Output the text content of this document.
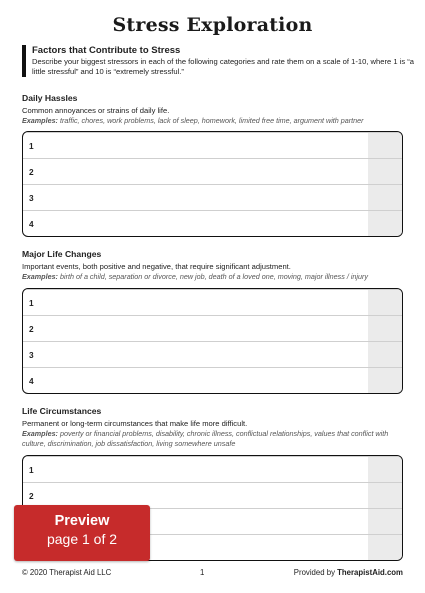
Stress Exploration
Factors that Contribute to Stress
Describe your biggest stressors in each of the following categories and rate them on a scale of 1-10, where 1 is “a little stressful” and 10 is “extremely stressful.”
Daily Hassles
Common annoyances or strains of daily life.
Examples: traffic, chores, work problems, lack of sleep, homework, limited free time, argument with partner
1
2
3
4
Major Life Changes
Important events, both positive and negative, that require significant adjustment.
Examples: birth of a child, separation or divorce, new job, death of a loved one, moving, major illness / injury
1
2
3
4
Life Circumstances
Permanent or long-term circumstances that make life more difficult.
Examples: poverty or financial problems, disability, chronic illness, conflictual relationships, values that conflict with culture, discrimination, job dissatisfaction, living somewhere unsafe
1
2
Preview
page 1 of 2
© 2020 Therapist Aid LLC	1	Provided by TherapistAid.com
